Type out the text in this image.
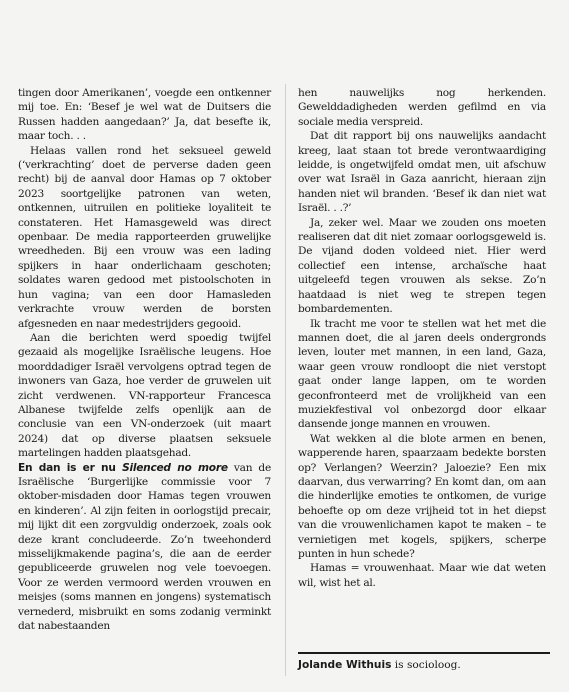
tingen door Amerikanen’, voegde een ontkenner mij toe. En: ‘Besef je wel wat de Duitsers die Russen hadden aangedaan?’ Ja, dat besefte ik, maar toch. . .

Helaas vallen rond het seksueel geweld (‘verkrachting’ doet de perverse daden geen recht) bij de aanval door Hamas op 7 oktober 2023 soortgelijke patronen van weten, ontkennen, uitruilen en politieke loyaliteit te constateren. Het Hamasgeweld was direct openbaar. De media rapporteerden gruwelijke wreedheden. Bij een vrouw was een lading spijkers in haar onderlichaam geschoten; soldates waren gedood met pistoolschoten in hun vagina; van een door Hamasleden verkrachte vrouw werden de borsten afgesneden en naar medestrijders gegooid.

Aan die berichten werd spoedig twijfel gezaaid als mogelijke Israëlische leugens. Hoe moorddadiger Israël vervolgens optrad tegen de inwoners van Gaza, hoe verder de gruwelen uit zicht verdwenen. VN-rapporteur Francesca Albanese twijfelde zelfs openlijk aan de conclusie van een VN-onderzoek (uit maart 2024) dat op diverse plaatsen seksuele martelingen hadden plaatsgehad.

En dan is er nu Silenced no more van de Israëlische ‘Burgerlijke commissie voor 7 oktober-misdaden door Hamas tegen vrouwen en kinderen’. Al zijn feiten in oorlogstijd precair, mij lijkt dit een zorgvuldig onderzoek, zoals ook deze krant concludeerde. Zo’n tweehonderd misselijkmakende pagina’s, die aan de eerder gepubliceerde gruwelen nog vele toevoegen. Voor ze werden vermoord werden vrouwen en meisjes (soms mannen en jongens) systematisch vernederd, misbruikt en soms zodanig verminkt dat nabestaanden

hen nauwelijks nog herkenden. Gewelddadigheden werden gefilmd en via sociale media verspreid.

Dat dit rapport bij ons nauwelijks aandacht kreeg, laat staan tot brede verontwaardiging leidde, is ongetwijfeld omdat men, uit afschuw over wat Israël in Gaza aanricht, hieraan zijn handen niet wil branden. ‘Besef ik dan niet wat Israël. . .?’

Ja, zeker wel. Maar we zouden ons moeten realiseren dat dit niet zomaar oorlogsgeweld is. De vijand doden voldeed niet. Hier werd collectief een intense, archaïsche haat uitgeleefd tegen vrouwen als sekse. Zo’n haatdaad is niet weg te strepen tegen bombardementen.

Ik tracht me voor te stellen wat het met die mannen doet, die al jaren deels ondergronds leven, louter met mannen, in een land, Gaza, waar geen vrouw rondloopt die niet verstopt gaat onder lange lappen, om te worden geconfronteerd met de vrolijkheid van een muziekfestival vol onbezorgd door elkaar dansende jonge mannen en vrouwen.

Wat wekken al die blote armen en benen, wapperende haren, spaarzaam bedekte borsten op? Verlangen? Weerzin? Jaloezie? Een mix daarvan, dus verwarring? En komt dan, om aan die hinderlijke emoties te ontkomen, de vurige behoefte op om deze vrijheid tot in het diepst van die vrouwenlichamen kapot te maken – te vernietigen met kogels, spijkers, scherpe punten in hun schede?

Hamas = vrouwenhaat. Maar wie dat weten wil, wist het al.

Jolande Withuis is socioloog.
